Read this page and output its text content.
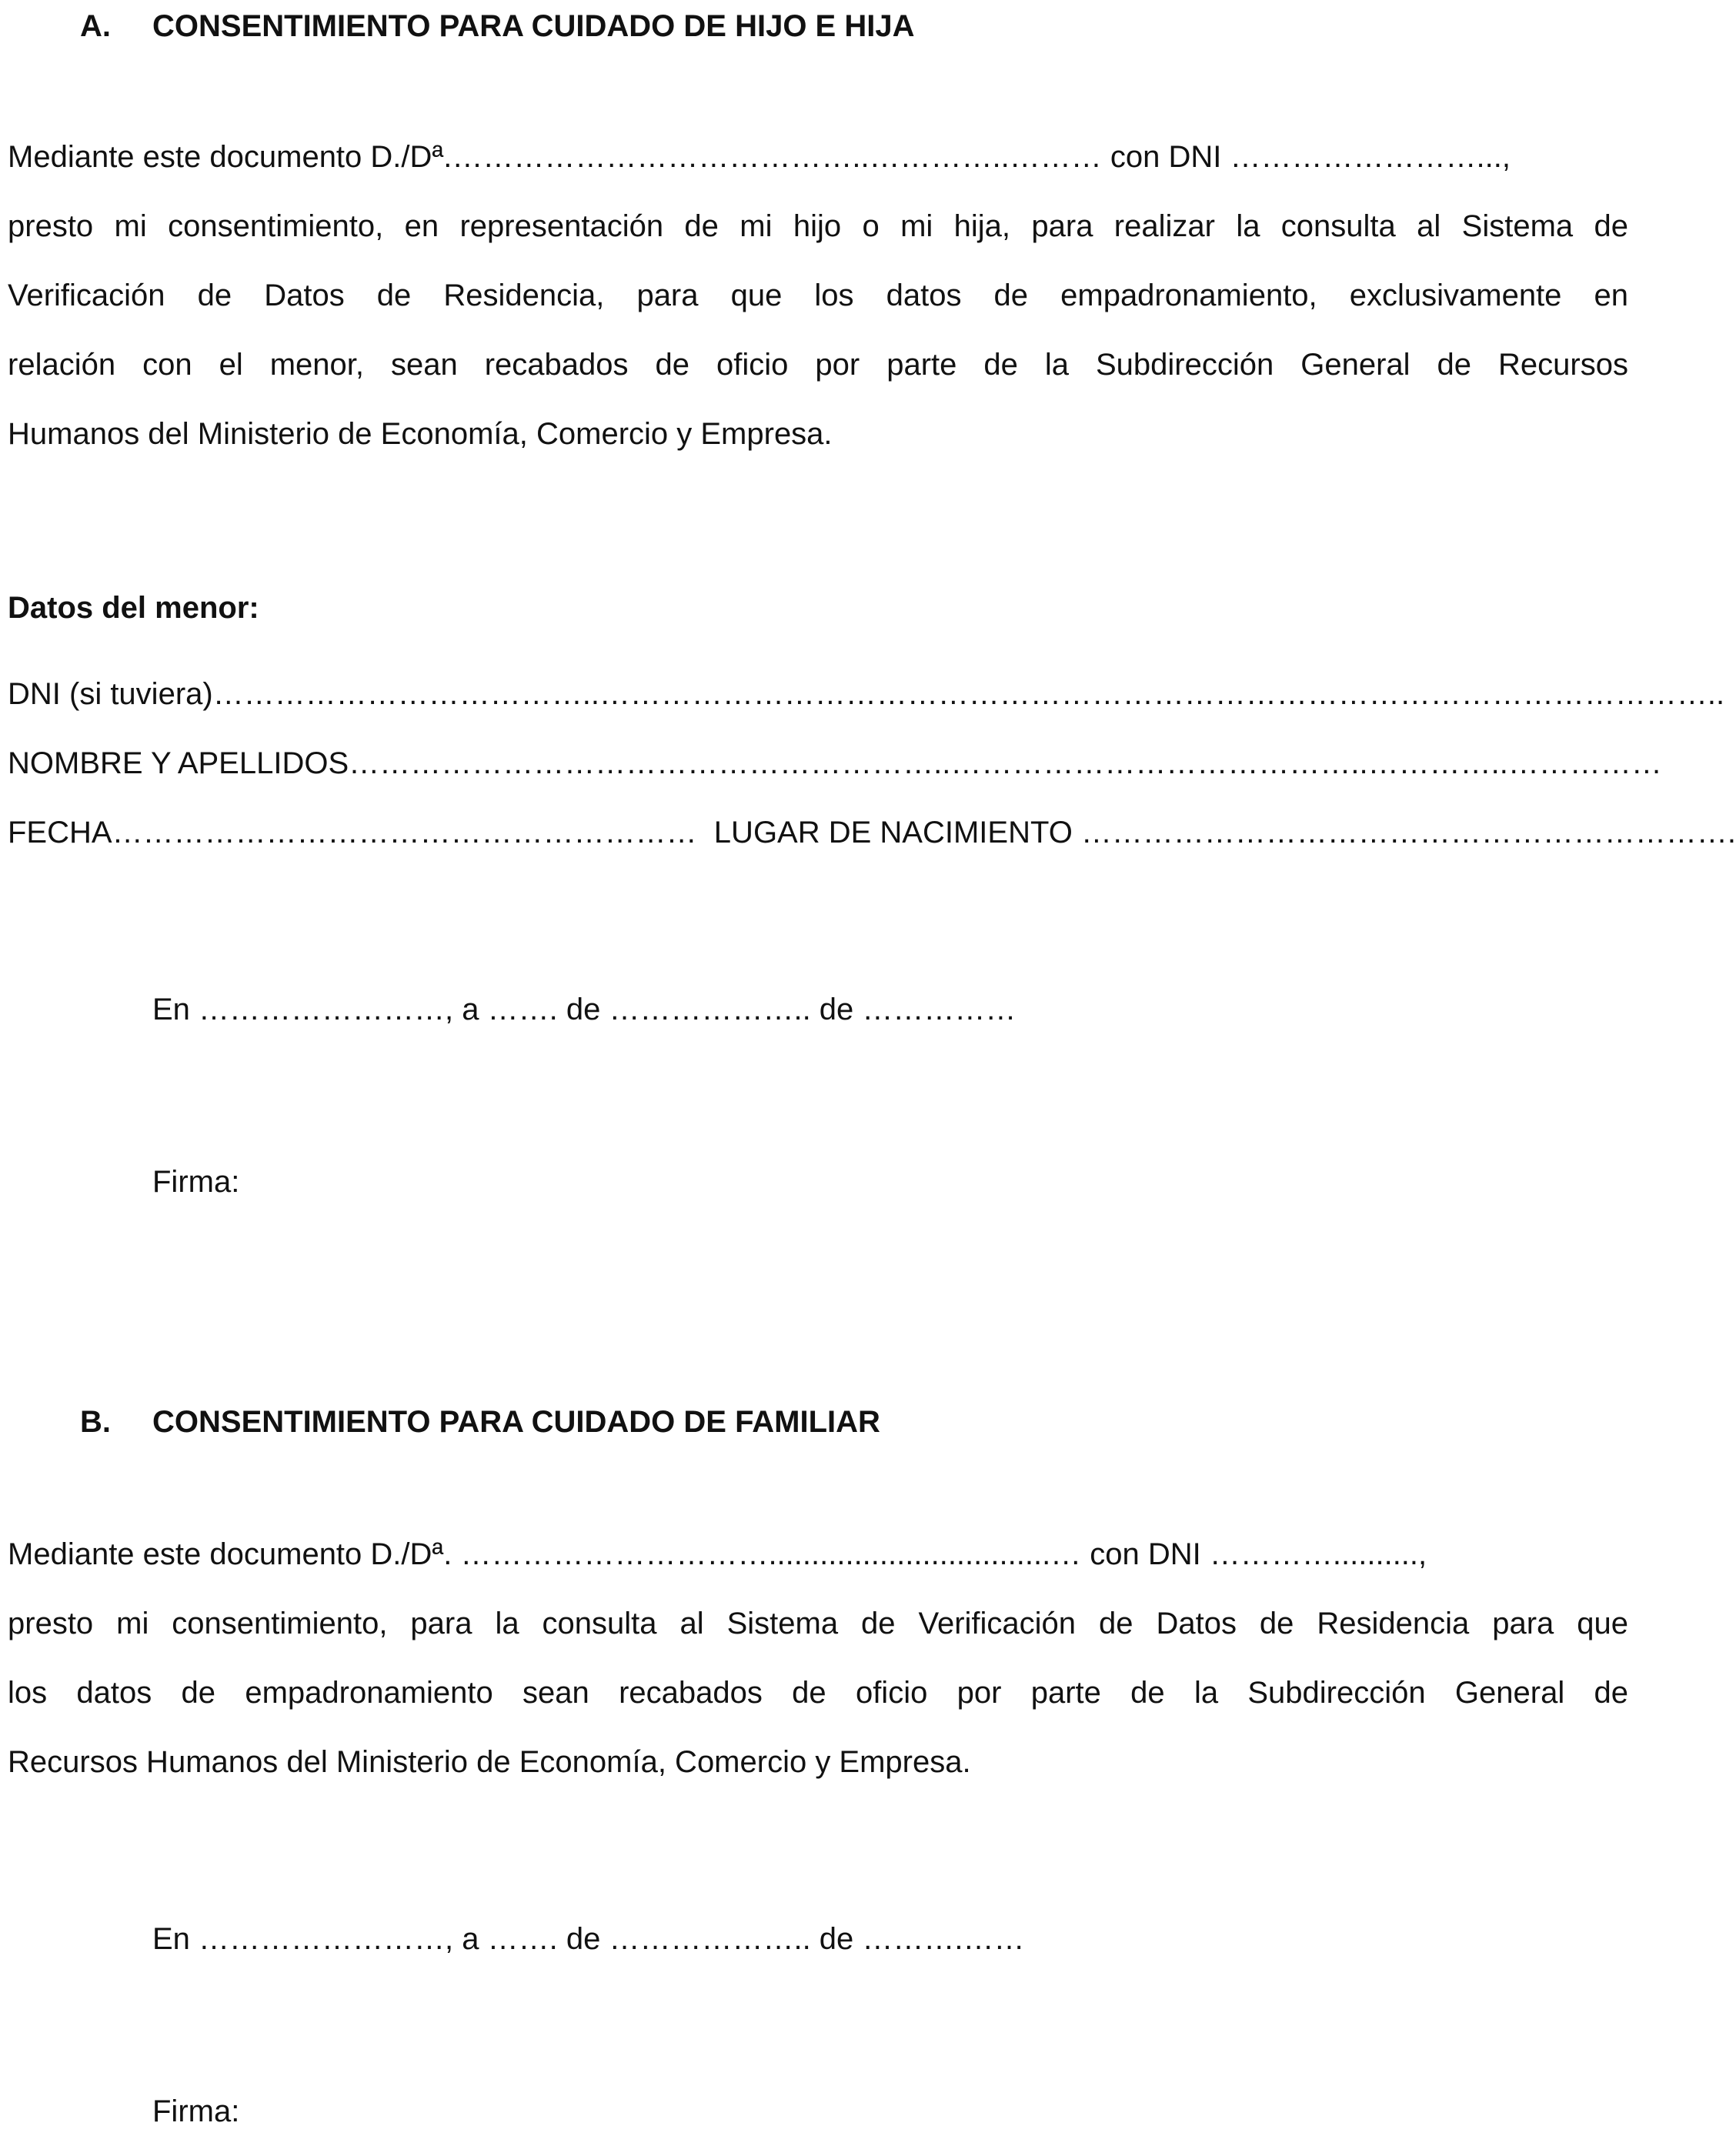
A. CONSENTIMIENTO PARA CUIDADO DE HIJO E HIJA
Mediante este documento D./Dª.…………………………………..…………..……… con DNI ……………………...,
presto mi consentimiento, en representación de mi hijo o mi hija, para realizar la consulta al Sistema de
Verificación de Datos de Residencia, para que los datos de empadronamiento, exclusivamente en
relación con el menor, sean recabados de oficio por parte de la Subdirección General de Recursos
Humanos del Ministerio de Economía, Comercio y Empresa.
Datos del menor:
DNI (si tuviera) ………………………………..………………………………………………………………………………………………..
NOMBRE Y APELLIDOS …………………………………………………..…………………………………..…………..……………
FECHA ………………………………………………… LUGAR DE NACIMIENTO ……………………………………………………….
En ……………………, a ……. de ……………….. de ……………
Firma:
B. CONSENTIMIENTO PARA CUIDADO DE FAMILIAR
Mediante este documento D./Dª. ………………………….................................… con DNI …………..........,
presto mi consentimiento, para la consulta al Sistema de Verificación de Datos de Residencia para que
los datos de empadronamiento sean recabados de oficio por parte de la Subdirección General de
Recursos Humanos del Ministerio de Economía, Comercio y Empresa.
En ……………………, a ……. de ……………….. de ……….……
Firma:
